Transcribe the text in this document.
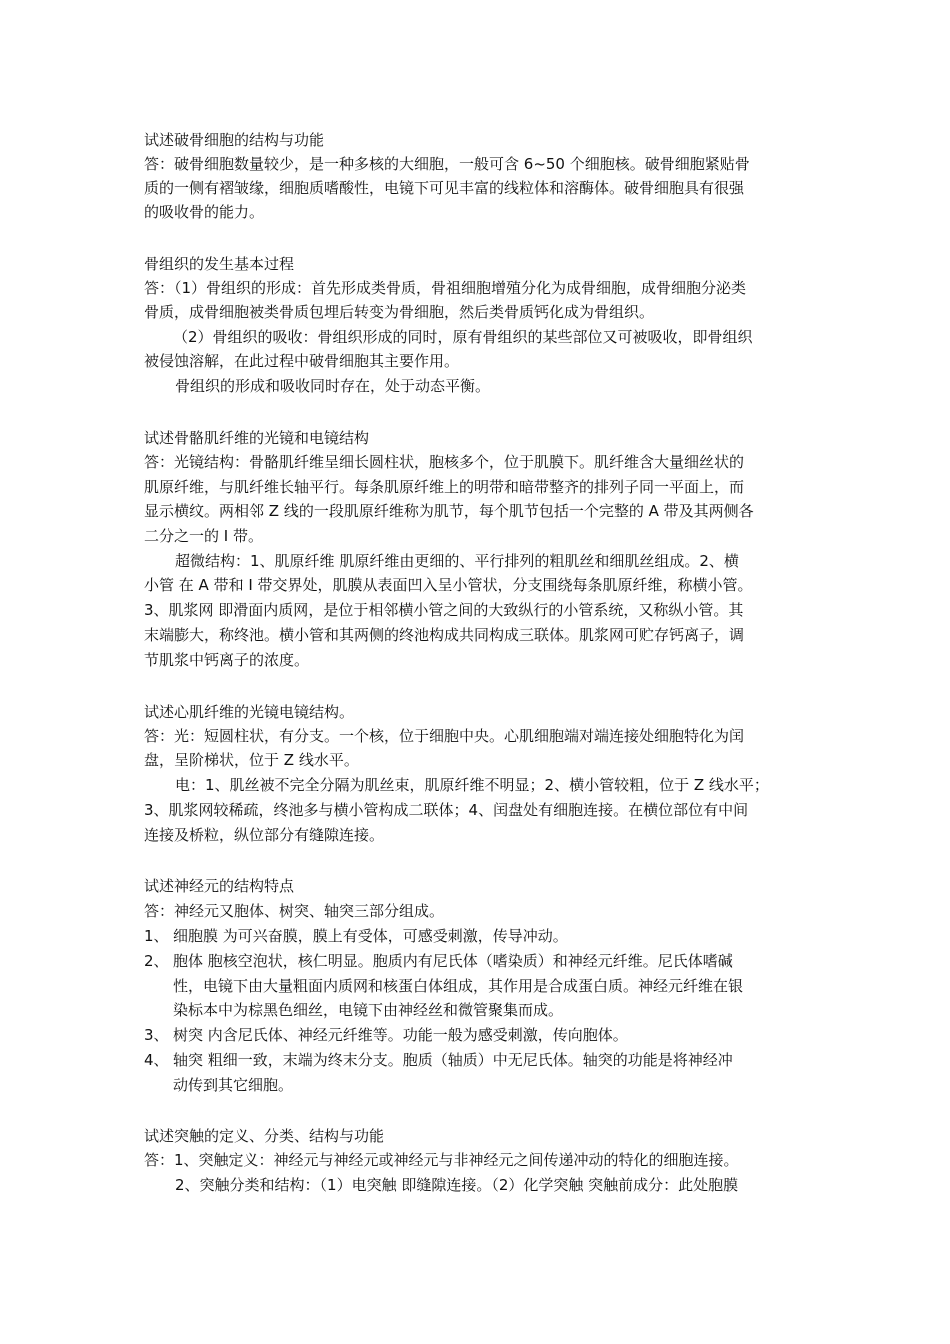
试述破骨细胞的结构与功能
答：破骨细胞数量较少，是一种多核的大细胞，一般可含 6~50 个细胞核。破骨细胞紧贴骨
质的一侧有褶皱缘，细胞质嗜酸性，电镜下可见丰富的线粒体和溶酶体。破骨细胞具有很强
的吸收骨的能力。
骨组织的发生基本过程
答：（1）骨组织的形成：首先形成类骨质，骨祖细胞增殖分化为成骨细胞，成骨细胞分泌类
骨质，成骨细胞被类骨质包埋后转变为骨细胞，然后类骨质钙化成为骨组织。
（2）骨组织的吸收：骨组织形成的同时，原有骨组织的某些部位又可被吸收，即骨组织
被侵蚀溶解，在此过程中破骨细胞其主要作用。
骨组织的形成和吸收同时存在，处于动态平衡。
试述骨骼肌纤维的光镜和电镜结构
答：光镜结构：骨骼肌纤维呈细长圆柱状，胞核多个，位于肌膜下。肌纤维含大量细丝状的
肌原纤维，与肌纤维长轴平行。每条肌原纤维上的明带和暗带整齐的排列子同一平面上，而
显示横纹。两相邻 Z 线的一段肌原纤维称为肌节，每个肌节包括一个完整的 A 带及其两侧各
二分之一的 I 带。
超微结构：1、肌原纤维 肌原纤维由更细的、平行排列的粗肌丝和细肌丝组成。2、横
小管 在 A 带和 I 带交界处，肌膜从表面凹入呈小管状，分支围绕每条肌原纤维，称横小管。
3、肌浆网 即滑面内质网，是位于相邻横小管之间的大致纵行的小管系统，又称纵小管。其
末端膨大，称终池。横小管和其两侧的终池构成共同构成三联体。肌浆网可贮存钙离子，调
节肌浆中钙离子的浓度。
试述心肌纤维的光镜电镜结构。
答：光：短圆柱状，有分支。一个核，位于细胞中央。心肌细胞端对端连接处细胞特化为闰
盘，呈阶梯状，位于 Z 线水平。
电：1、肌丝被不完全分隔为肌丝束，肌原纤维不明显；2、横小管较粗，位于 Z 线水平；
3、肌浆网较稀疏，终池多与横小管构成二联体；4、闰盘处有细胞连接。在横位部位有中间
连接及桥粒，纵位部分有缝隙连接。
试述神经元的结构特点
答：神经元又胞体、树突、轴突三部分组成。
1、 细胞膜 为可兴奋膜，膜上有受体，可感受刺激，传导冲动。
2、 胞体 胞核空泡状，核仁明显。胞质内有尼氏体（嗜染质）和神经元纤维。尼氏体嗜碱
性，电镜下由大量粗面内质网和核蛋白体组成，其作用是合成蛋白质。神经元纤维在银
染标本中为棕黑色细丝，电镜下由神经丝和微管聚集而成。
3、 树突 内含尼氏体、神经元纤维等。功能一般为感受刺激，传向胞体。
4、 轴突 粗细一致，末端为终末分支。胞质（轴质）中无尼氏体。轴突的功能是将神经冲
动传到其它细胞。
试述突触的定义、分类、结构与功能
答：1、突触定义：神经元与神经元或神经元与非神经元之间传递冲动的特化的细胞连接。
2、突触分类和结构：（1）电突触 即缝隙连接。（2）化学突触 突触前成分：此处胞膜
